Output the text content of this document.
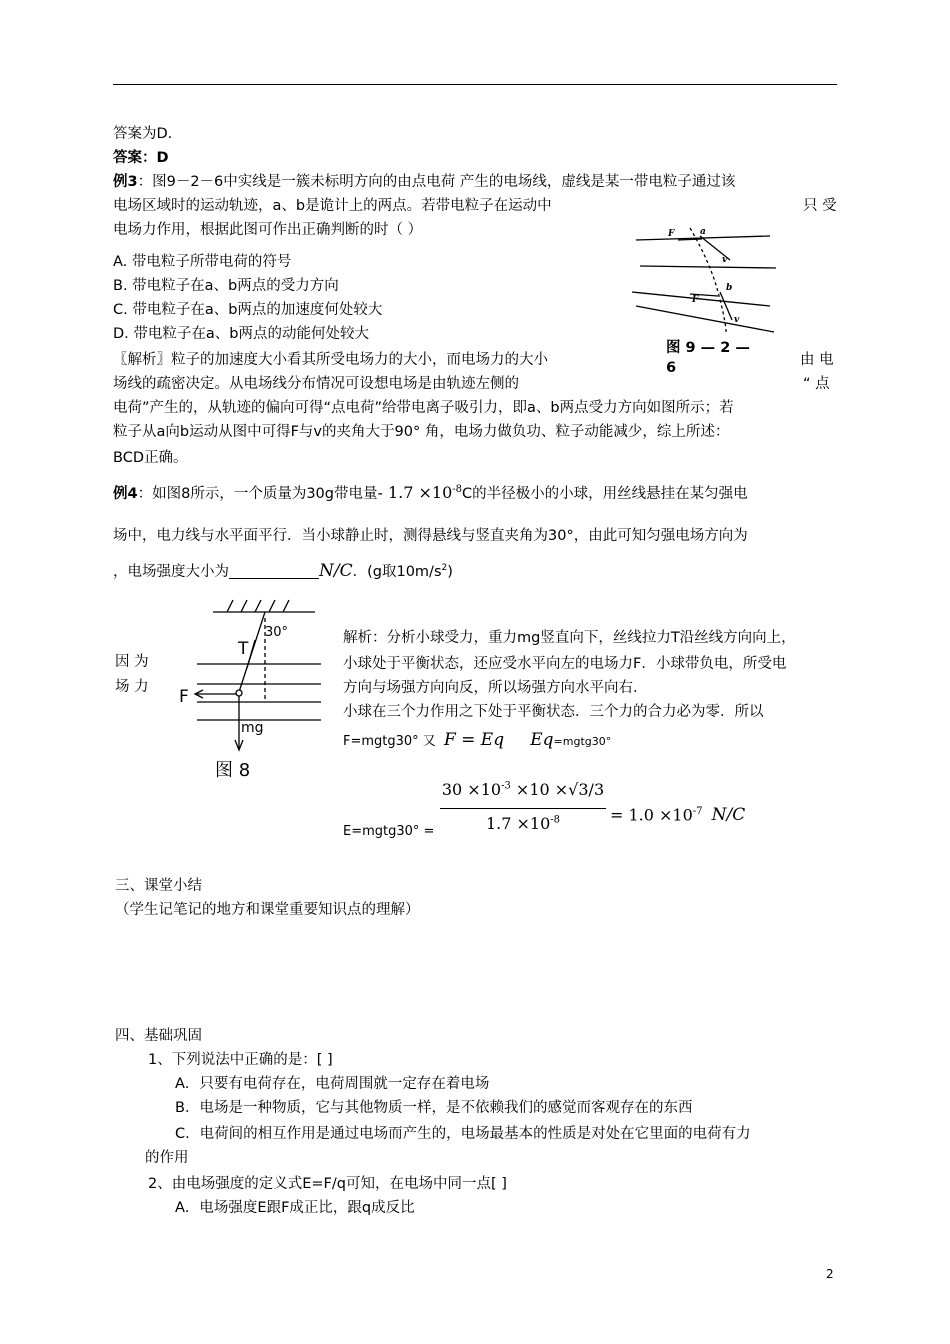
答案为D.
答案：D
例3：图9－2－6中实线是一簇未标明方向的由点电荷 产生的电场线，虚线是某一带电粒子通过该
电场区域时的运动轨迹，a、b是诡计上的两点。若带电粒子在运动中	只 受
电场力作用，根据此图可作出正确判断的时（ ）
A. 带电粒子所带电荷的符号
B. 带电粒子在a、b两点的受力方向
C. 带电粒子在a、b两点的加速度何处较大
D. 带电粒子在a、b两点的动能何处较大
F	a
v
F
b
v
图 9 — 2 —
6
〖解析〗粒子的加速度大小看其所受电场力的大小，而电场力的大小	由 电
场线的疏密决定。从电场线分布情况可设想电场是由轨迹左侧的	“ 点
电荷”产生的，从轨迹的偏向可得“点电荷”给带电离子吸引力，即a、b两点受力方向如图所示；若
粒子从a向b运动从图中可得F与v的夹角大于90° 角，电场力做负功、粒子动能减少，综上所述：
BCD正确。
例4：如图8所示，一个质量为30g带电量- $1.7 \times 10^{-8}C$的半径极小的小球，用丝线悬挂在某匀强电
场中，电力线与水平面平行．当小球静止时，测得悬线与竖直夹角为30°，由此可知匀强电场方向为
，电场强度大小为	N/C．(g取$10m/s^2$)
因 为
场 力
30°
T
F
mg
图 8
解析：分析小球受力，重力mg竖直向下，丝线拉力T沿丝线方向向上，
小球处于平衡状态，还应受水平向左的电场力F．小球带负电，所受电
方向与场强方向向反，所以场强方向水平向右．
小球在三个力作用之下处于平衡状态．三个力的合力必为零．所以
F=mgtg30° 又 F = Eq Eq=mgtg30°
E=mgtg30° =
$30 \times 10^{-3} \times 10 \times√3/3$
$1.7 \times 10^{-8}$	= $1.0 \times 10^{-7}$ N/C
三、课堂小结
（学生记笔记的地方和课堂重要知识点的理解）
四、基础巩固
1、下列说法中正确的是：[ ]
A．只要有电荷存在，电荷周围就一定存在着电场
B．电场是一种物质，它与其他物质一样，是不依赖我们的感觉而客观存在的东西
C．电荷间的相互作用是通过电场而产生的，电场最基本的性质是对处在它里面的电荷有力
的作用
2、由电场强度的定义式E=F/q可知，在电场中同一点[ ]
A．电场强度E跟F成正比，跟q成反比
2
